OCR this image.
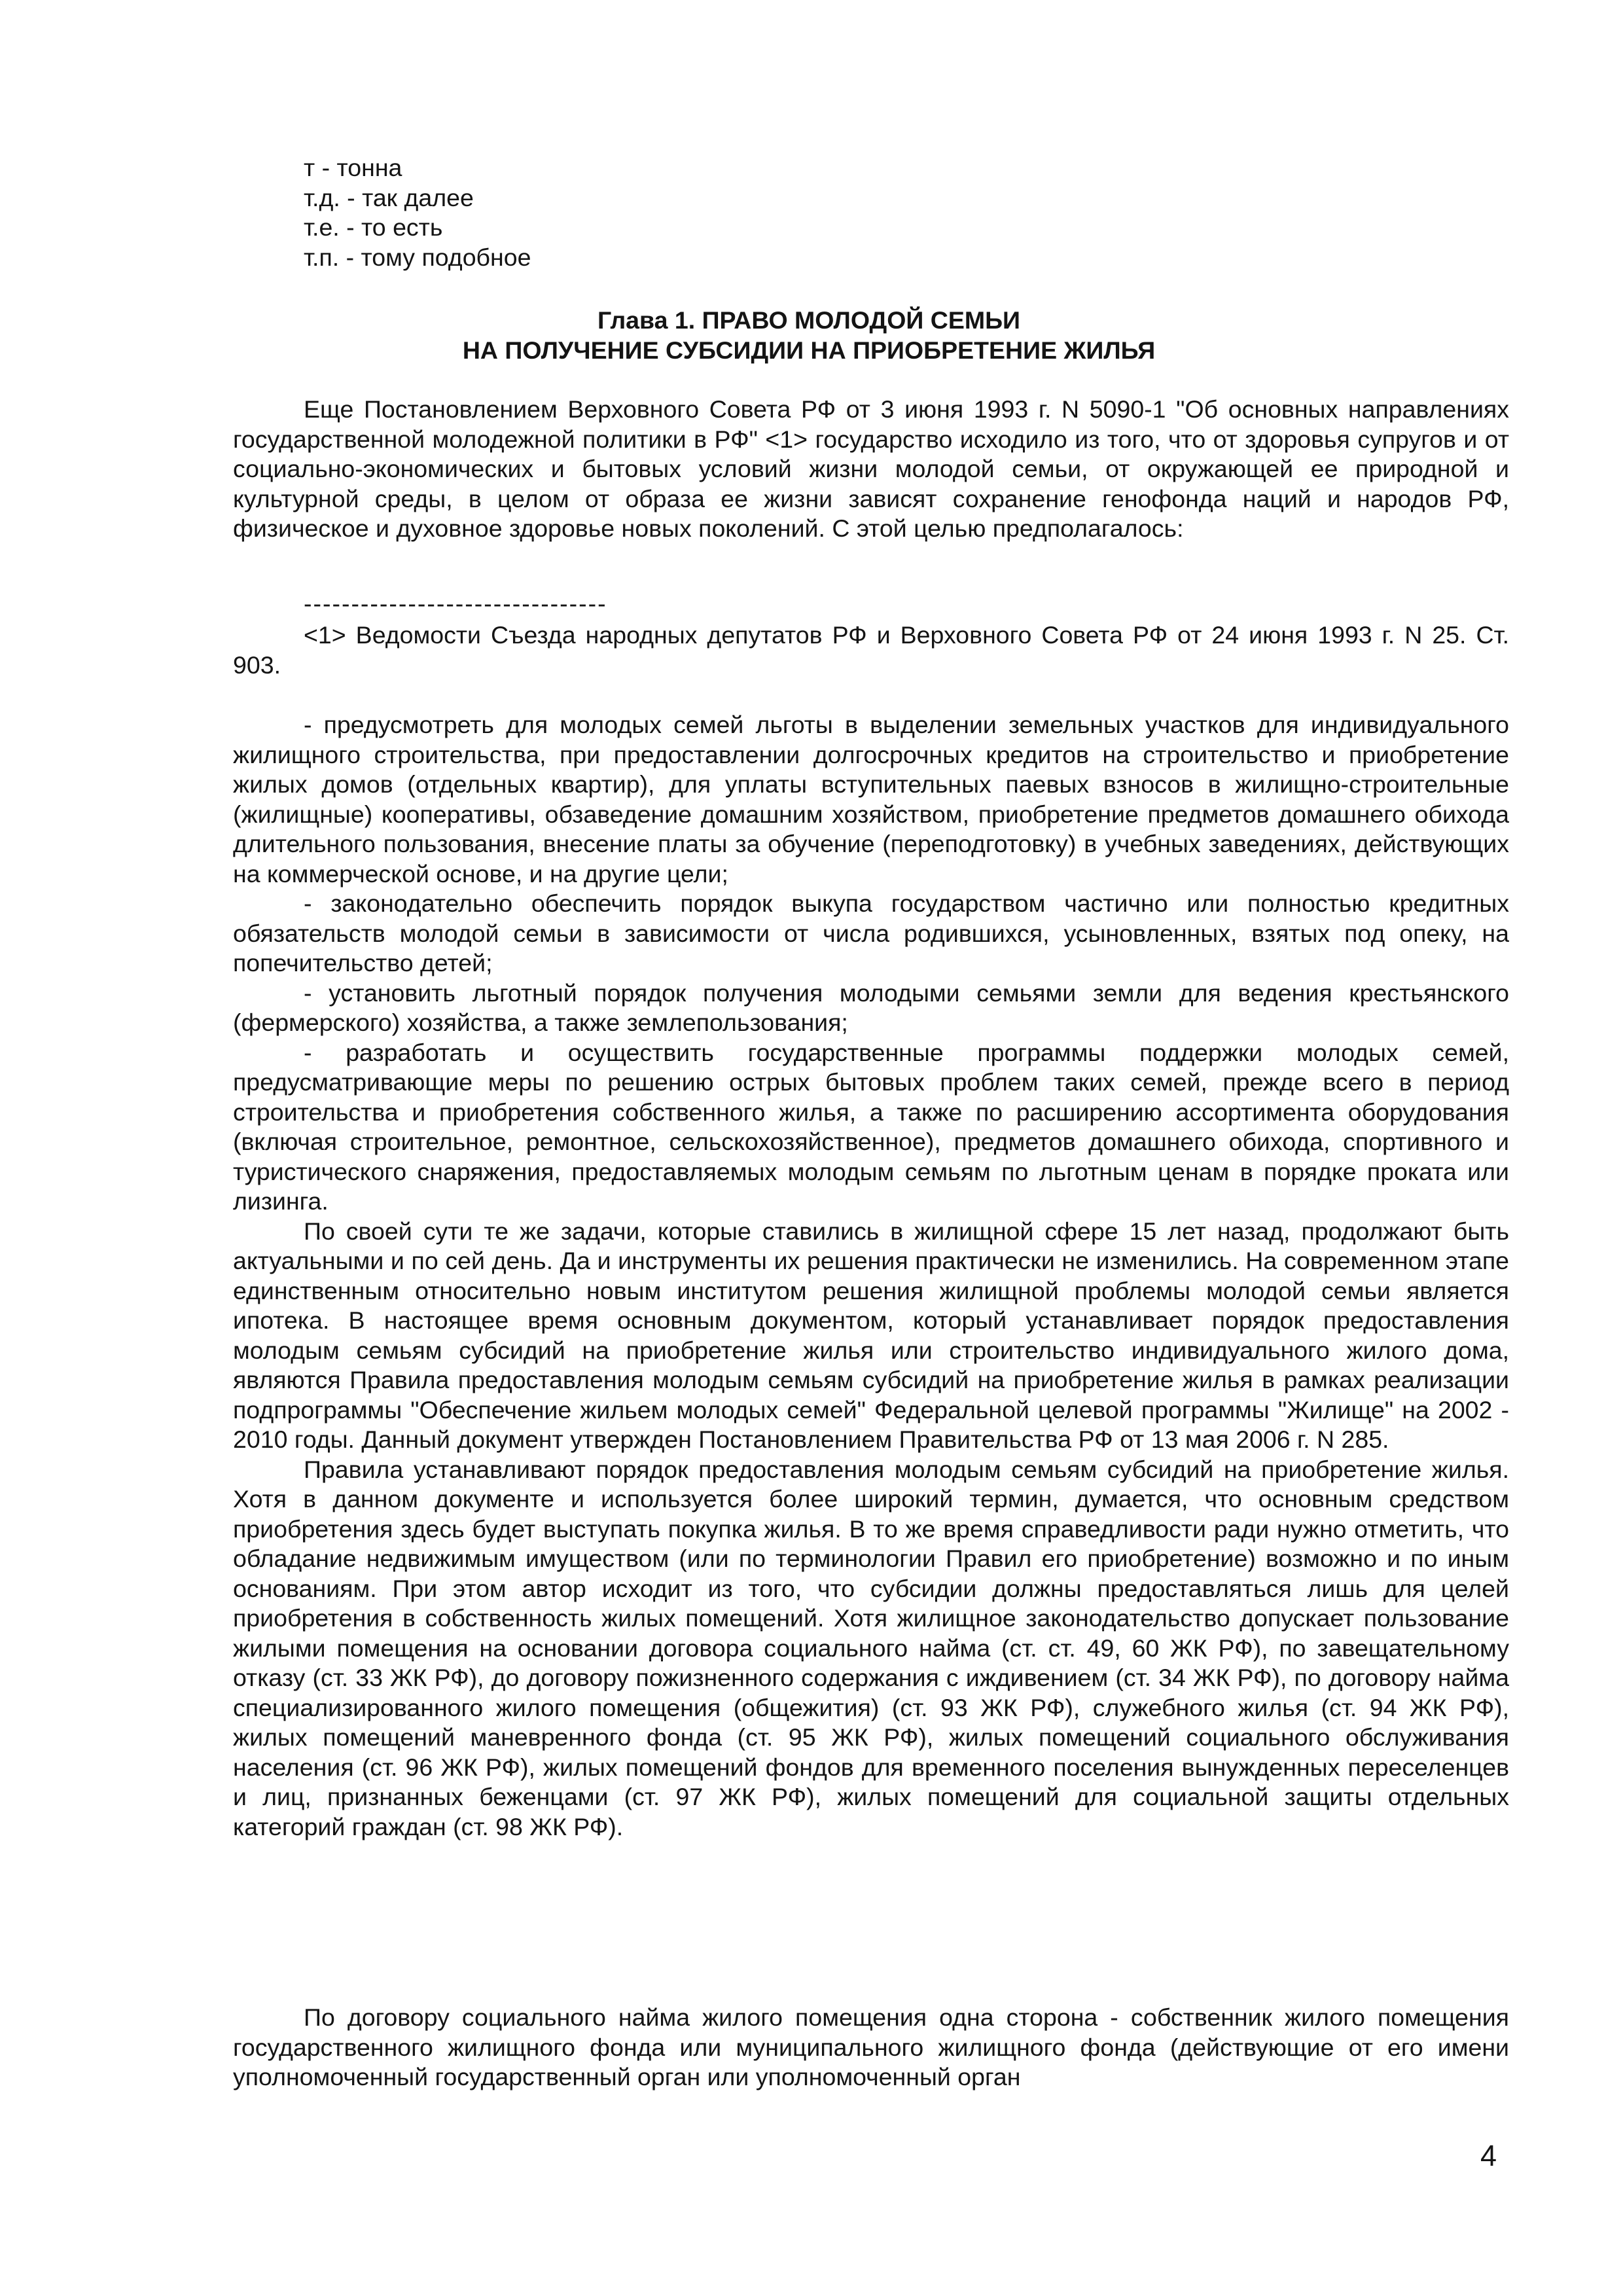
т - тонна
т.д. - так далее
т.е. - то есть
т.п. - тому подобное
Глава 1. ПРАВО МОЛОДОЙ СЕМЬИ
НА ПОЛУЧЕНИЕ СУБСИДИИ НА ПРИОБРЕТЕНИЕ ЖИЛЬЯ

Еще Постановлением Верховного Совета РФ от 3 июня 1993 г. N 5090-1 "Об основных направлениях государственной молодежной политики в РФ" <1> государство исходило из того, что от здоровья супругов и от социально-экономических и бытовых условий жизни молодой семьи, от окружающей ее природной и культурной среды, в целом от образа ее жизни зависят сохранение генофонда наций и народов РФ, физическое и духовное здоровье новых поколений. С этой целью предполагалось:

--------------------------------

<1> Ведомости Съезда народных депутатов РФ и Верховного Совета РФ от 24 июня 1993 г. N 25. Ст. 903.

- предусмотреть для молодых семей льготы в выделении земельных участков для индивидуального жилищного строительства, при предоставлении долгосрочных кредитов на строительство и приобретение жилых домов (отдельных квартир), для уплаты вступительных паевых взносов в жилищно-строительные (жилищные) кооперативы, обзаведение домашним хозяйством, приобретение предметов домашнего обихода длительного пользования, внесение платы за обучение (переподготовку) в учебных заведениях, действующих на коммерческой основе, и на другие цели;

- законодательно обеспечить порядок выкупа государством частично или полностью кредитных обязательств молодой семьи в зависимости от числа родившихся, усыновленных, взятых под опеку, на попечительство детей;

- установить льготный порядок получения молодыми семьями земли для ведения крестьянского (фермерского) хозяйства, а также землепользования;

- разработать и осуществить государственные программы поддержки молодых семей, предусматривающие меры по решению острых бытовых проблем таких семей, прежде всего в период строительства и приобретения собственного жилья, а также по расширению ассортимента оборудования (включая строительное, ремонтное, сельскохозяйственное), предметов домашнего обихода, спортивного и туристического снаряжения, предоставляемых молодым семьям по льготным ценам в порядке проката или лизинга.

По своей сути те же задачи, которые ставились в жилищной сфере 15 лет назад, продолжают быть актуальными и по сей день. Да и инструменты их решения практически не изменились. На современном этапе единственным относительно новым институтом решения жилищной проблемы молодой семьи является ипотека. В настоящее время основным документом, который устанавливает порядок предоставления молодым семьям субсидий на приобретение жилья или строительство индивидуального жилого дома, являются Правила предоставления молодым семьям субсидий на приобретение жилья в рамках реализации подпрограммы "Обеспечение жильем молодых семей" Федеральной целевой программы "Жилище" на 2002 - 2010 годы. Данный документ утвержден Постановлением Правительства РФ от 13 мая 2006 г. N 285.

Правила устанавливают порядок предоставления молодым семьям субсидий на приобретение жилья. Хотя в данном документе и используется более широкий термин, думается, что основным средством приобретения здесь будет выступать покупка жилья. В то же время справедливости ради нужно отметить, что обладание недвижимым имуществом (или по терминологии Правил его приобретение) возможно и по иным основаниям. При этом автор исходит из того, что субсидии должны предоставляться лишь для целей приобретения в собственность жилых помещений. Хотя жилищное законодательство допускает пользование жилыми помещения на основании договора социального найма (ст. ст. 49, 60 ЖК РФ), по завещательному отказу (ст. 33 ЖК РФ), до договору пожизненного содержания с иждивением (ст. 34 ЖК РФ), по договору найма специализированного жилого помещения (общежития) (ст. 93 ЖК РФ), служебного жилья (ст. 94 ЖК РФ), жилых помещений маневренного фонда (ст. 95 ЖК РФ), жилых помещений социального обслуживания населения (ст. 96 ЖК РФ), жилых помещений фондов для временного поселения вынужденных переселенцев и лиц, признанных беженцами (ст. 97 ЖК РФ), жилых помещений для социальной защиты отдельных категорий граждан (ст. 98 ЖК РФ).

По договору социального найма жилого помещения одна сторона - собственник жилого помещения государственного жилищного фонда или муниципального жилищного фонда (действующие от его имени уполномоченный государственный орган или уполномоченный орган

4
